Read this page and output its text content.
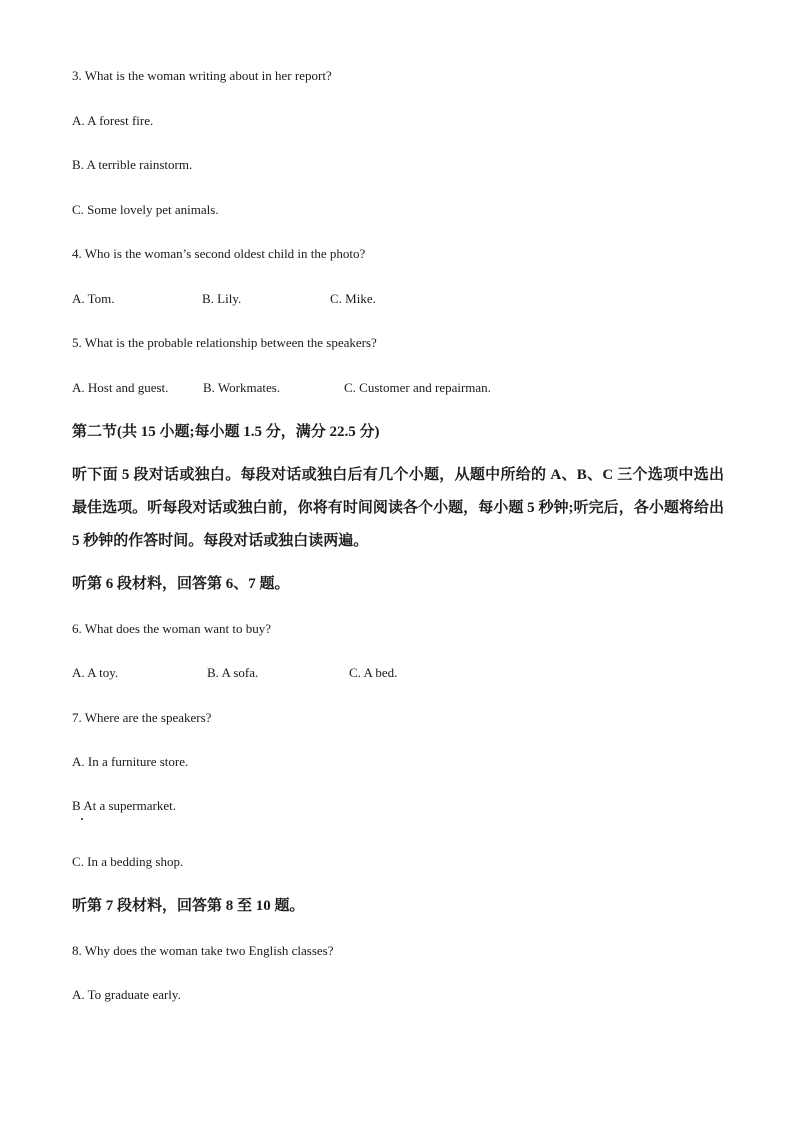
3. What is the woman writing about in her report?
A. A forest fire.
B. A terrible rainstorm.
C. Some lovely pet animals.
4. Who is the woman’s second oldest child in the photo?
A. Tom.	B. Lily.	C. Mike.
5. What is the probable relationship between the speakers?
A. Host and guest.	B. Workmates.	C. Customer and repairman.
第二节(共 15 小题;每小题 1.5 分，满分 22.5 分)
听下面 5 段对话或独白。每段对话或独白后有几个小题，从题中所给的 A、B、C 三个选项中选出最佳选项。听每段对话或独白前，你将有时间阅读各个小题，每小题 5 秒钟;听完后，各小题将给出 5 秒钟的作答时间。每段对话或独白读两遍。
听第 6 段材料，回答第 6、7 题。
6. What does the woman want to buy?
A. A toy.	B. A sofa.	C. A bed.
7. Where are the speakers?
A. In a furniture store.
B At a supermarket.
C. In a bedding shop.
听第 7 段材料，回答第 8 至 10 题。
8. Why does the woman take two English classes?
A. To graduate early.
